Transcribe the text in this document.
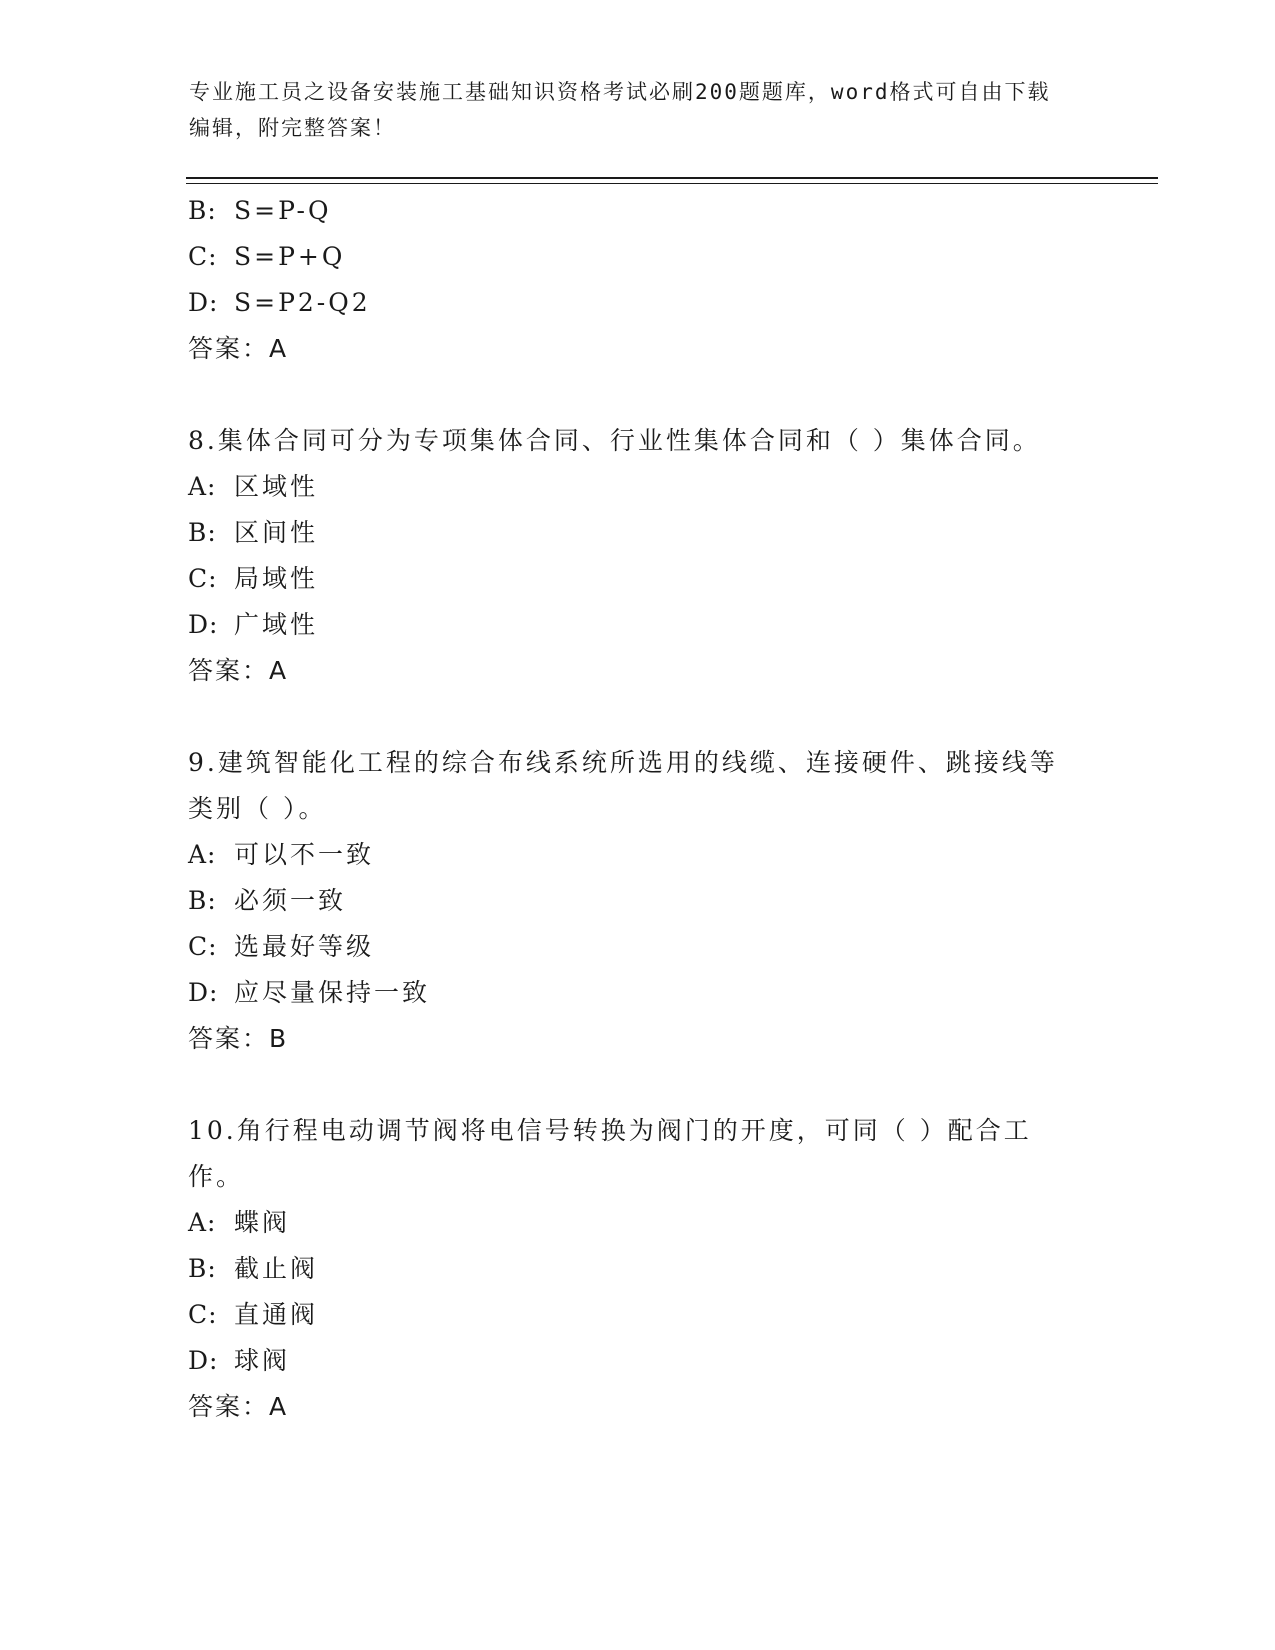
专业施工员之设备安装施工基础知识资格考试必刷200题题库，word格式可自由下载编辑，附完整答案！
B: S=P-Q
C: S=P+Q
D: S=P2-Q2
答案：A
8.集体合同可分为专项集体合同、行业性集体合同和（ ）集体合同。
A: 区域性
B: 区间性
C: 局域性
D: 广域性
答案：A
9.建筑智能化工程的综合布线系统所选用的线缆、连接硬件、跳接线等类别（ ）。
A: 可以不一致
B: 必须一致
C: 选最好等级
D: 应尽量保持一致
答案：B
10.角行程电动调节阀将电信号转换为阀门的开度，可同（ ）配合工作。
A: 蝶阀
B: 截止阀
C: 直通阀
D: 球阀
答案：A
